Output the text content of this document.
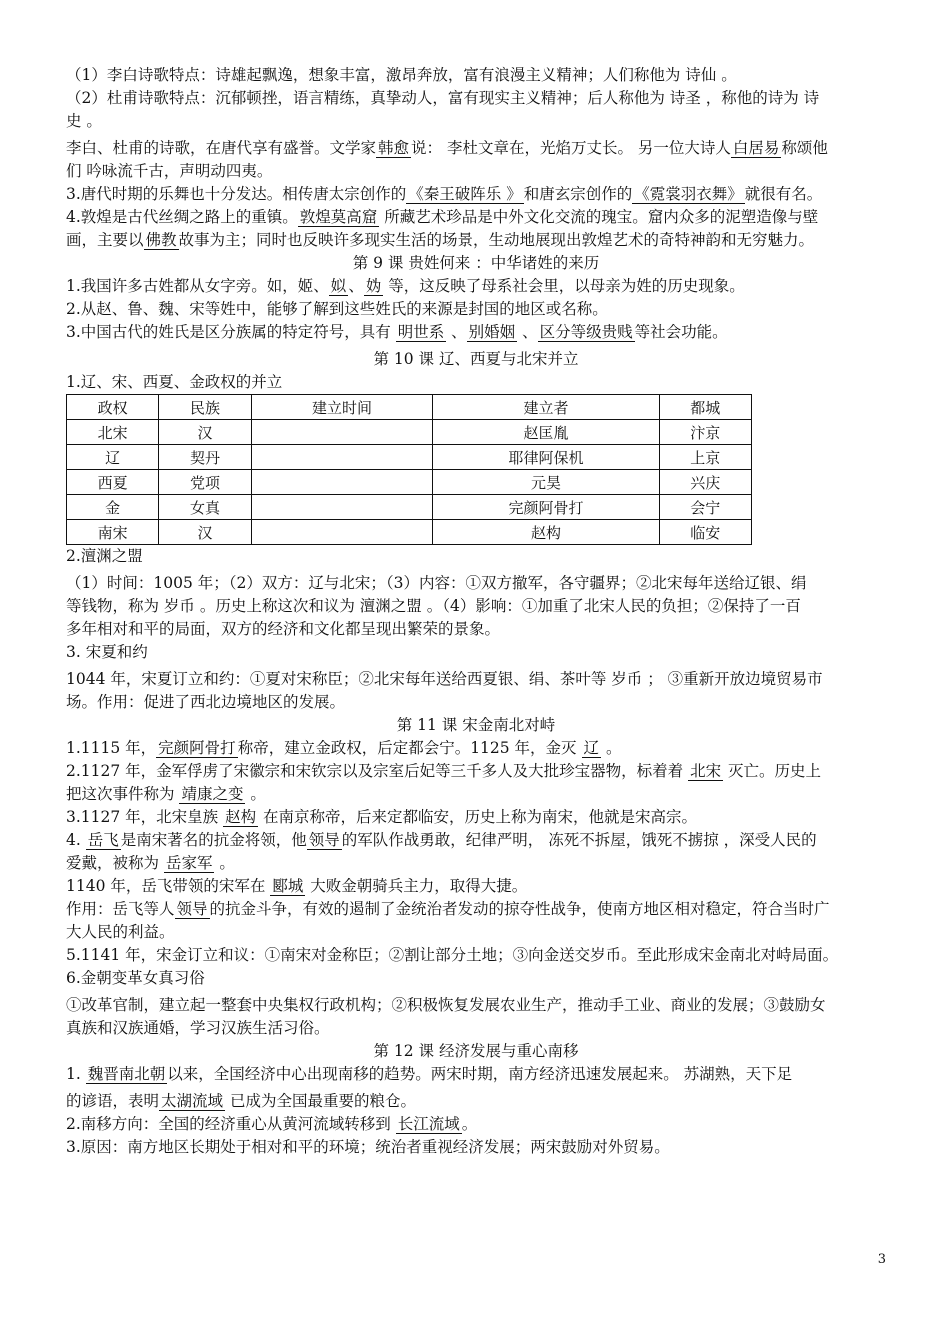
（1）李白诗歌特点：诗雄起飘逸，想象丰富，激昂奔放，富有浪漫主义精神；人们称他为 诗仙 。
（2）杜甫诗歌特点：沉郁顿挫，语言精练，真挚动人，富有现实主义精神；后人称他为 诗圣 ，称他的诗为 诗
史 。
李白、杜甫的诗歌，在唐代享有盛誉。文学家 韩愈 说： 李杜文章在，光焰万丈长。 另一位大诗人 白居易 称颂他
们 吟咏流千古，声明动四夷。
3.唐代时期的乐舞也十分发达。相传唐太宗创作的 《秦王破阵乐 》 和唐玄宗创作的 《霓裳羽衣舞》 就很有名。
4.敦煌是古代丝绸之路上的重镇。 敦煌莫高窟 所藏艺术珍品是中外文化交流的瑰宝。窟内众多的泥塑造像与壁
画，主要以 佛教 故事为主；同时也反映许多现实生活的场景，生动地展现出敦煌艺术的奇特神韵和无穷魅力。
第 9 课 贵姓何来 ：中华诸姓的来历
1.我国许多古姓都从女字旁。如，姬、 姒 、 妫 等，这反映了母系社会里，以母亲为姓的历史现象。
2.从赵、鲁、魏、宋等姓中，能够了解到这些姓氏的来源是封国的地区或名称。
3.中国古代的姓氏是区分族属的特定符号，具有 明世系 、 别婚姻 、 区分等级贵贱 等社会功能。
第 10 课 辽、西夏与北宋并立
1.辽、宋、西夏、金政权的并立
政权	民族	建立时间	建立者	都城
北宋	汉		赵匡胤	汴京
辽	契丹		耶律阿保机	上京
西夏	党项		元昊	兴庆
金	女真		完颜阿骨打	会宁
南宋	汉		赵构	临安
2.澶渊之盟
（1）时间：1005 年；（2）双方：辽与北宋；（3）内容：①双方撤军，各守疆界；②北宋每年送给辽银、绢
等钱物，称为 岁币 。历史上称这次和议为 澶渊之盟 。（4）影响：①加重了北宋人民的负担；②保持了一百
多年相对和平的局面，双方的经济和文化都呈现出繁荣的景象。
3. 宋夏和约
1044 年，宋夏订立和约：①夏对宋称臣；②北宋每年送给西夏银、绢、茶叶等 岁币 ； ③重新开放边境贸易市
场。作用：促进了西北边境地区的发展。
第 11 课 宋金南北对峙
1.1115 年， 完颜阿骨打 称帝，建立金政权，后定都会宁。1125 年，金灭 辽 。
2.1127 年，金军俘虏了宋徽宗和宋钦宗以及宗室后妃等三千多人及大批珍宝器物，标着着 北宋 灭亡。历史上
把这次事件称为 靖康之变 。
3.1127 年，北宋皇族 赵构 在南京称帝，后来定都临安，历史上称为南宋，他就是宋高宗。
4. 岳飞 是南宋著名的抗金将领，他 领导 的军队作战勇敢，纪律严明， 冻死不拆屋，饿死不掳掠 ，深受人民的
爱戴，被称为 岳家军 。
1140 年，岳飞带领的宋军在 郾城 大败金朝骑兵主力，取得大捷。
作用：岳飞等人 领导 的抗金斗争，有效的遏制了金统治者发动的掠夺性战争，使南方地区相对稳定，符合当时广
大人民的利益。
5.1141 年，宋金订立和议：①南宋对金称臣；②割让部分土地；③向金送交岁币。至此形成宋金南北对峙局面。
6.金朝变革女真习俗
①改革官制，建立起一整套中央集权行政机构；②积极恢复发展农业生产，推动手工业、商业的发展；③鼓励女
真族和汉族通婚，学习汉族生活习俗。
第 12 课 经济发展与重心南移
1. 魏晋南北朝 以来，全国经济中心出现南移的趋势。两宋时期，南方经济迅速发展起来。 苏湖熟，天下足
的谚语，表明 太湖流域 已成为全国最重要的粮仓。
2.南移方向：全国的经济重心从黄河流域转移到 长江流域 。
3.原因：南方地区长期处于相对和平的环境；统治者重视经济发展；两宋鼓励对外贸易。
3
